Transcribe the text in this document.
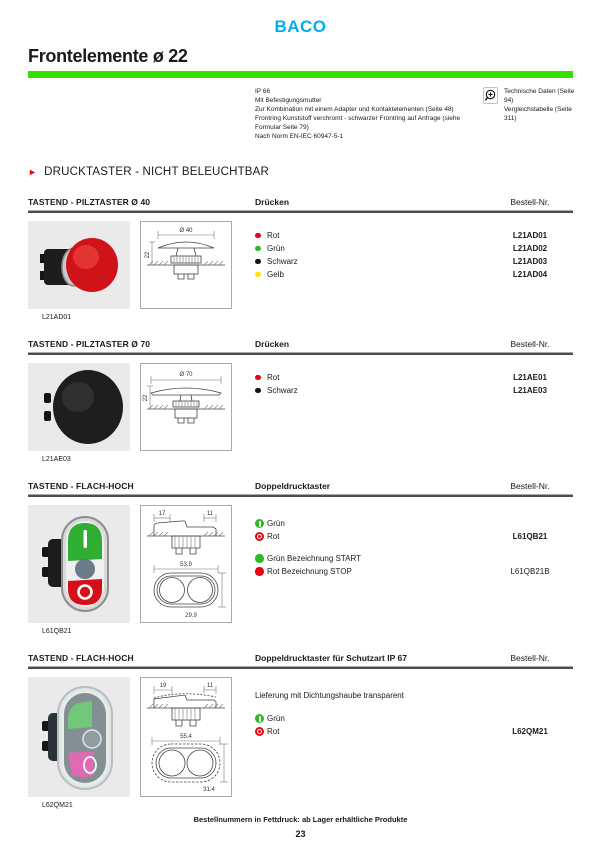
BACO
Frontelemente ø 22
IP 66
Mit Befestigungsmutter
Zur Kombination mit einem Adapter und Kontaktelementen (Seite 48)
Frontring Kunststoff verchromt - schwarzer Frontring auf Anfrage (siehe Formular Seite 79)
Nach Norm EN-IEC 60947-5-1
Technische Daten (Seite 94)
Vergleichstabelle (Seite 311)
► DRUCKTASTER - NICHT BELEUCHTBAR
TASTEND - PILZTASTER Ø 40	Drücken	Bestell-Nr.
L21AD01
Ø 40
22
Rot	L21AD01
Grün	L21AD02
Schwarz	L21AD03
Gelb	L21AD04
TASTEND - PILZTASTER Ø 70	Drücken	Bestell-Nr.
L21AE03
Ø 70
22
Rot	L21AE01
Schwarz	L21AE03
TASTEND - FLACH-HOCH	Doppeldrucktaster	Bestell-Nr.
L61QB21
17	11
53.9
29.9
Grün
Rot	L61QB21
Grün Bezeichnung START
Rot Bezeichnung STOP	L61QB21B
TASTEND - FLACH-HOCH	Doppeldrucktaster für Schutzart IP 67	Bestell-Nr.
L62QM21
19	11
55.4
31.4
Lieferung mit Dichtungshaube transparent
Grün
Rot	L62QM21
Bestellnummern in Fettdruck: ab Lager erhältliche Produkte
23
